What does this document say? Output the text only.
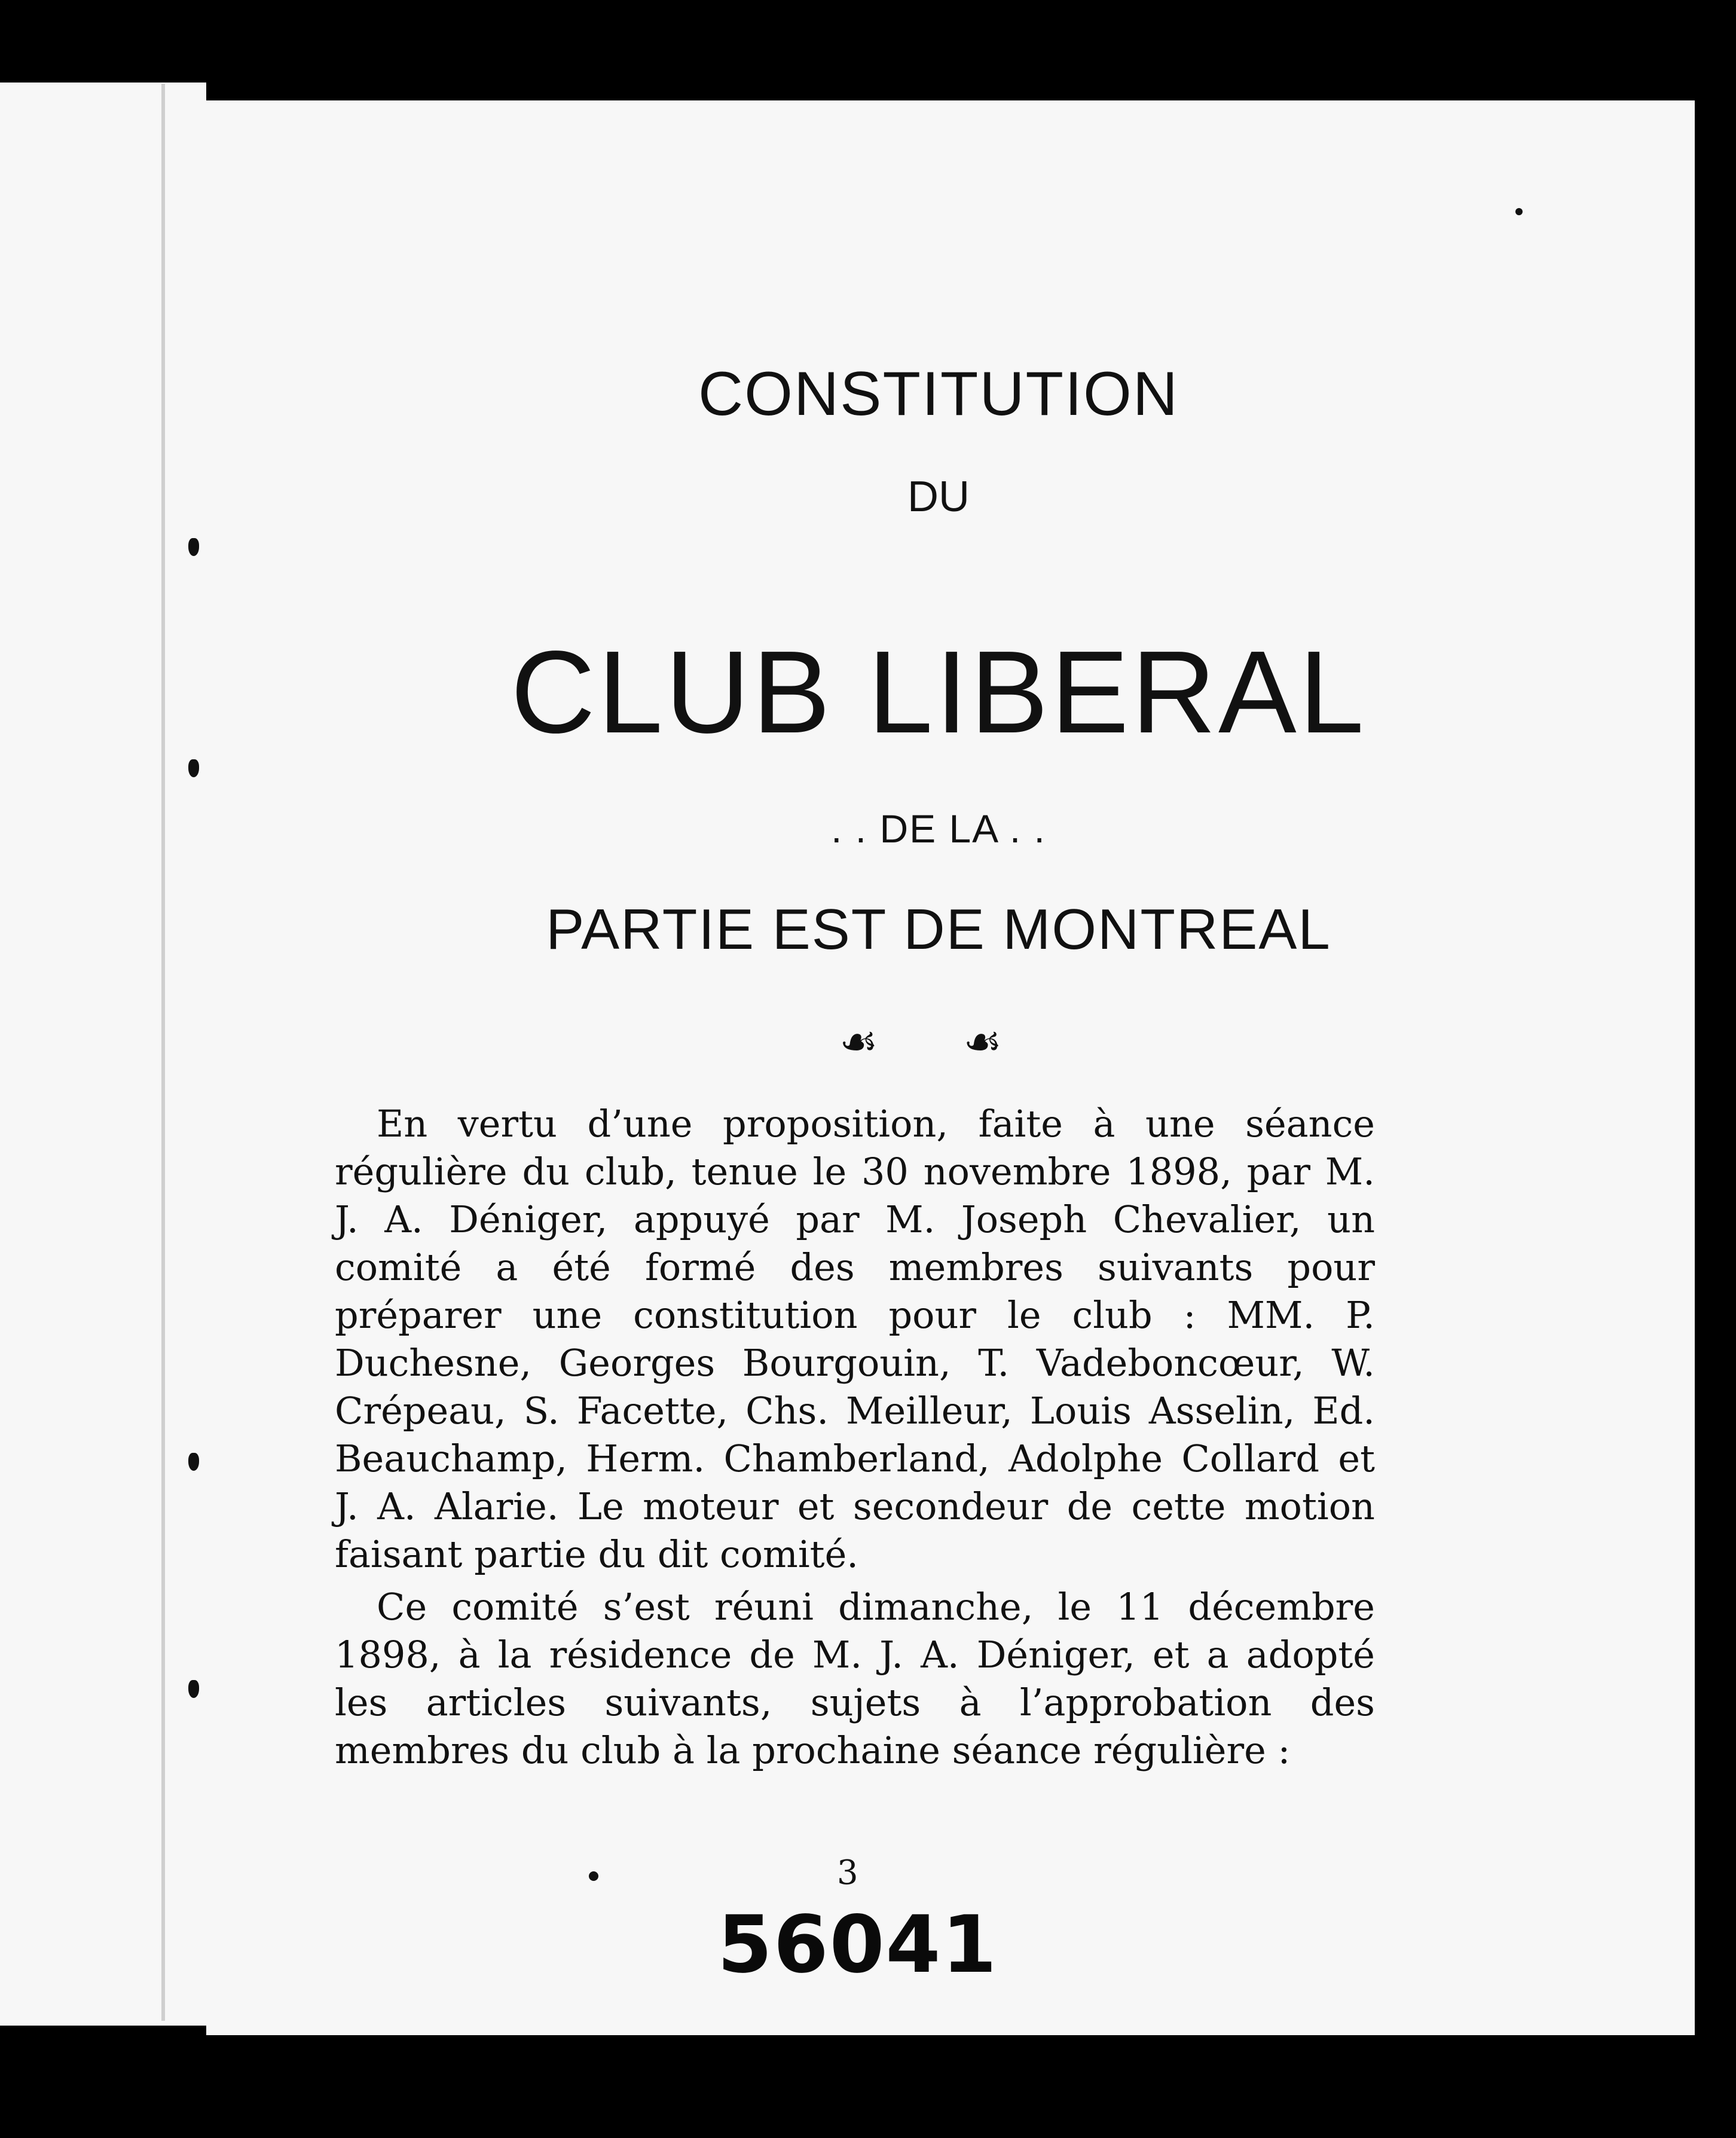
CONSTITUTION
DU
CLUB LIBERAL
. . DE LA . .
PARTIE EST DE MONTREAL
☙ ☙

En vertu d’une proposition, faite à une séance régulière du club, tenue le 30 novembre 1898, par M. J. A. Déniger, appuyé par M. Joseph Chevalier, un comité a été formé des membres suivants pour préparer une constitution pour le club : MM. P. Duchesne, Georges Bourgouin, T. Vadeboncœur, W. Crépeau, S. Facette, Chs. Meilleur, Louis Asselin, Ed. Beauchamp, Herm. Chamberland, Adolphe Collard et J. A. Alarie. Le moteur et secondeur de cette motion faisant partie du dit comité.

Ce comité s’est réuni dimanche, le 11 décembre 1898, à la résidence de M. J. A. Déniger, et a adopté les articles suivants, sujets à l’approbation des membres du club à la prochaine séance régulière :

3
56041
